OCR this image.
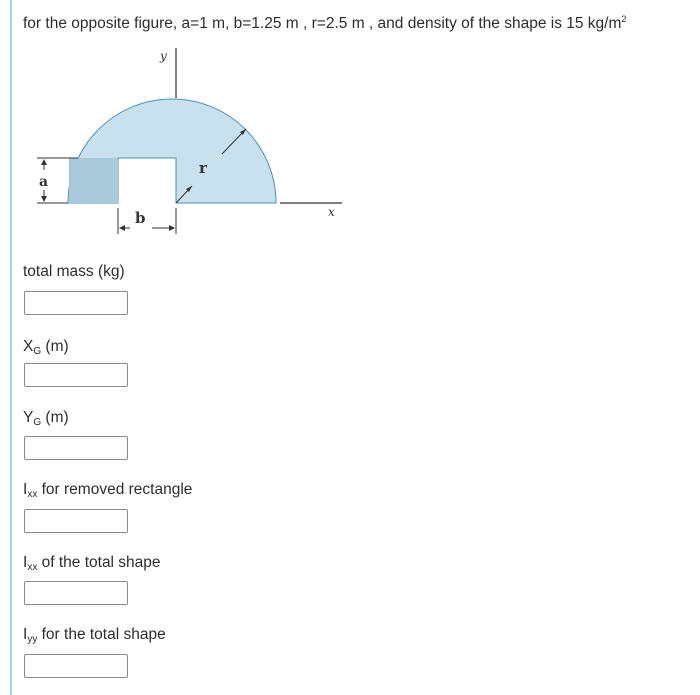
for the opposite figure, a=1 m, b=1.25 m , r=2.5 m , and density of the shape is 15 $kg/m^2$
y
x
r
a
b
total mass (kg)
$X_G$ (m)
$Y_G$ (m)
$I_{xx}$ for removed rectangle
$I_{xx}$ of the total shape
$I_{yy}$ for the total shape
